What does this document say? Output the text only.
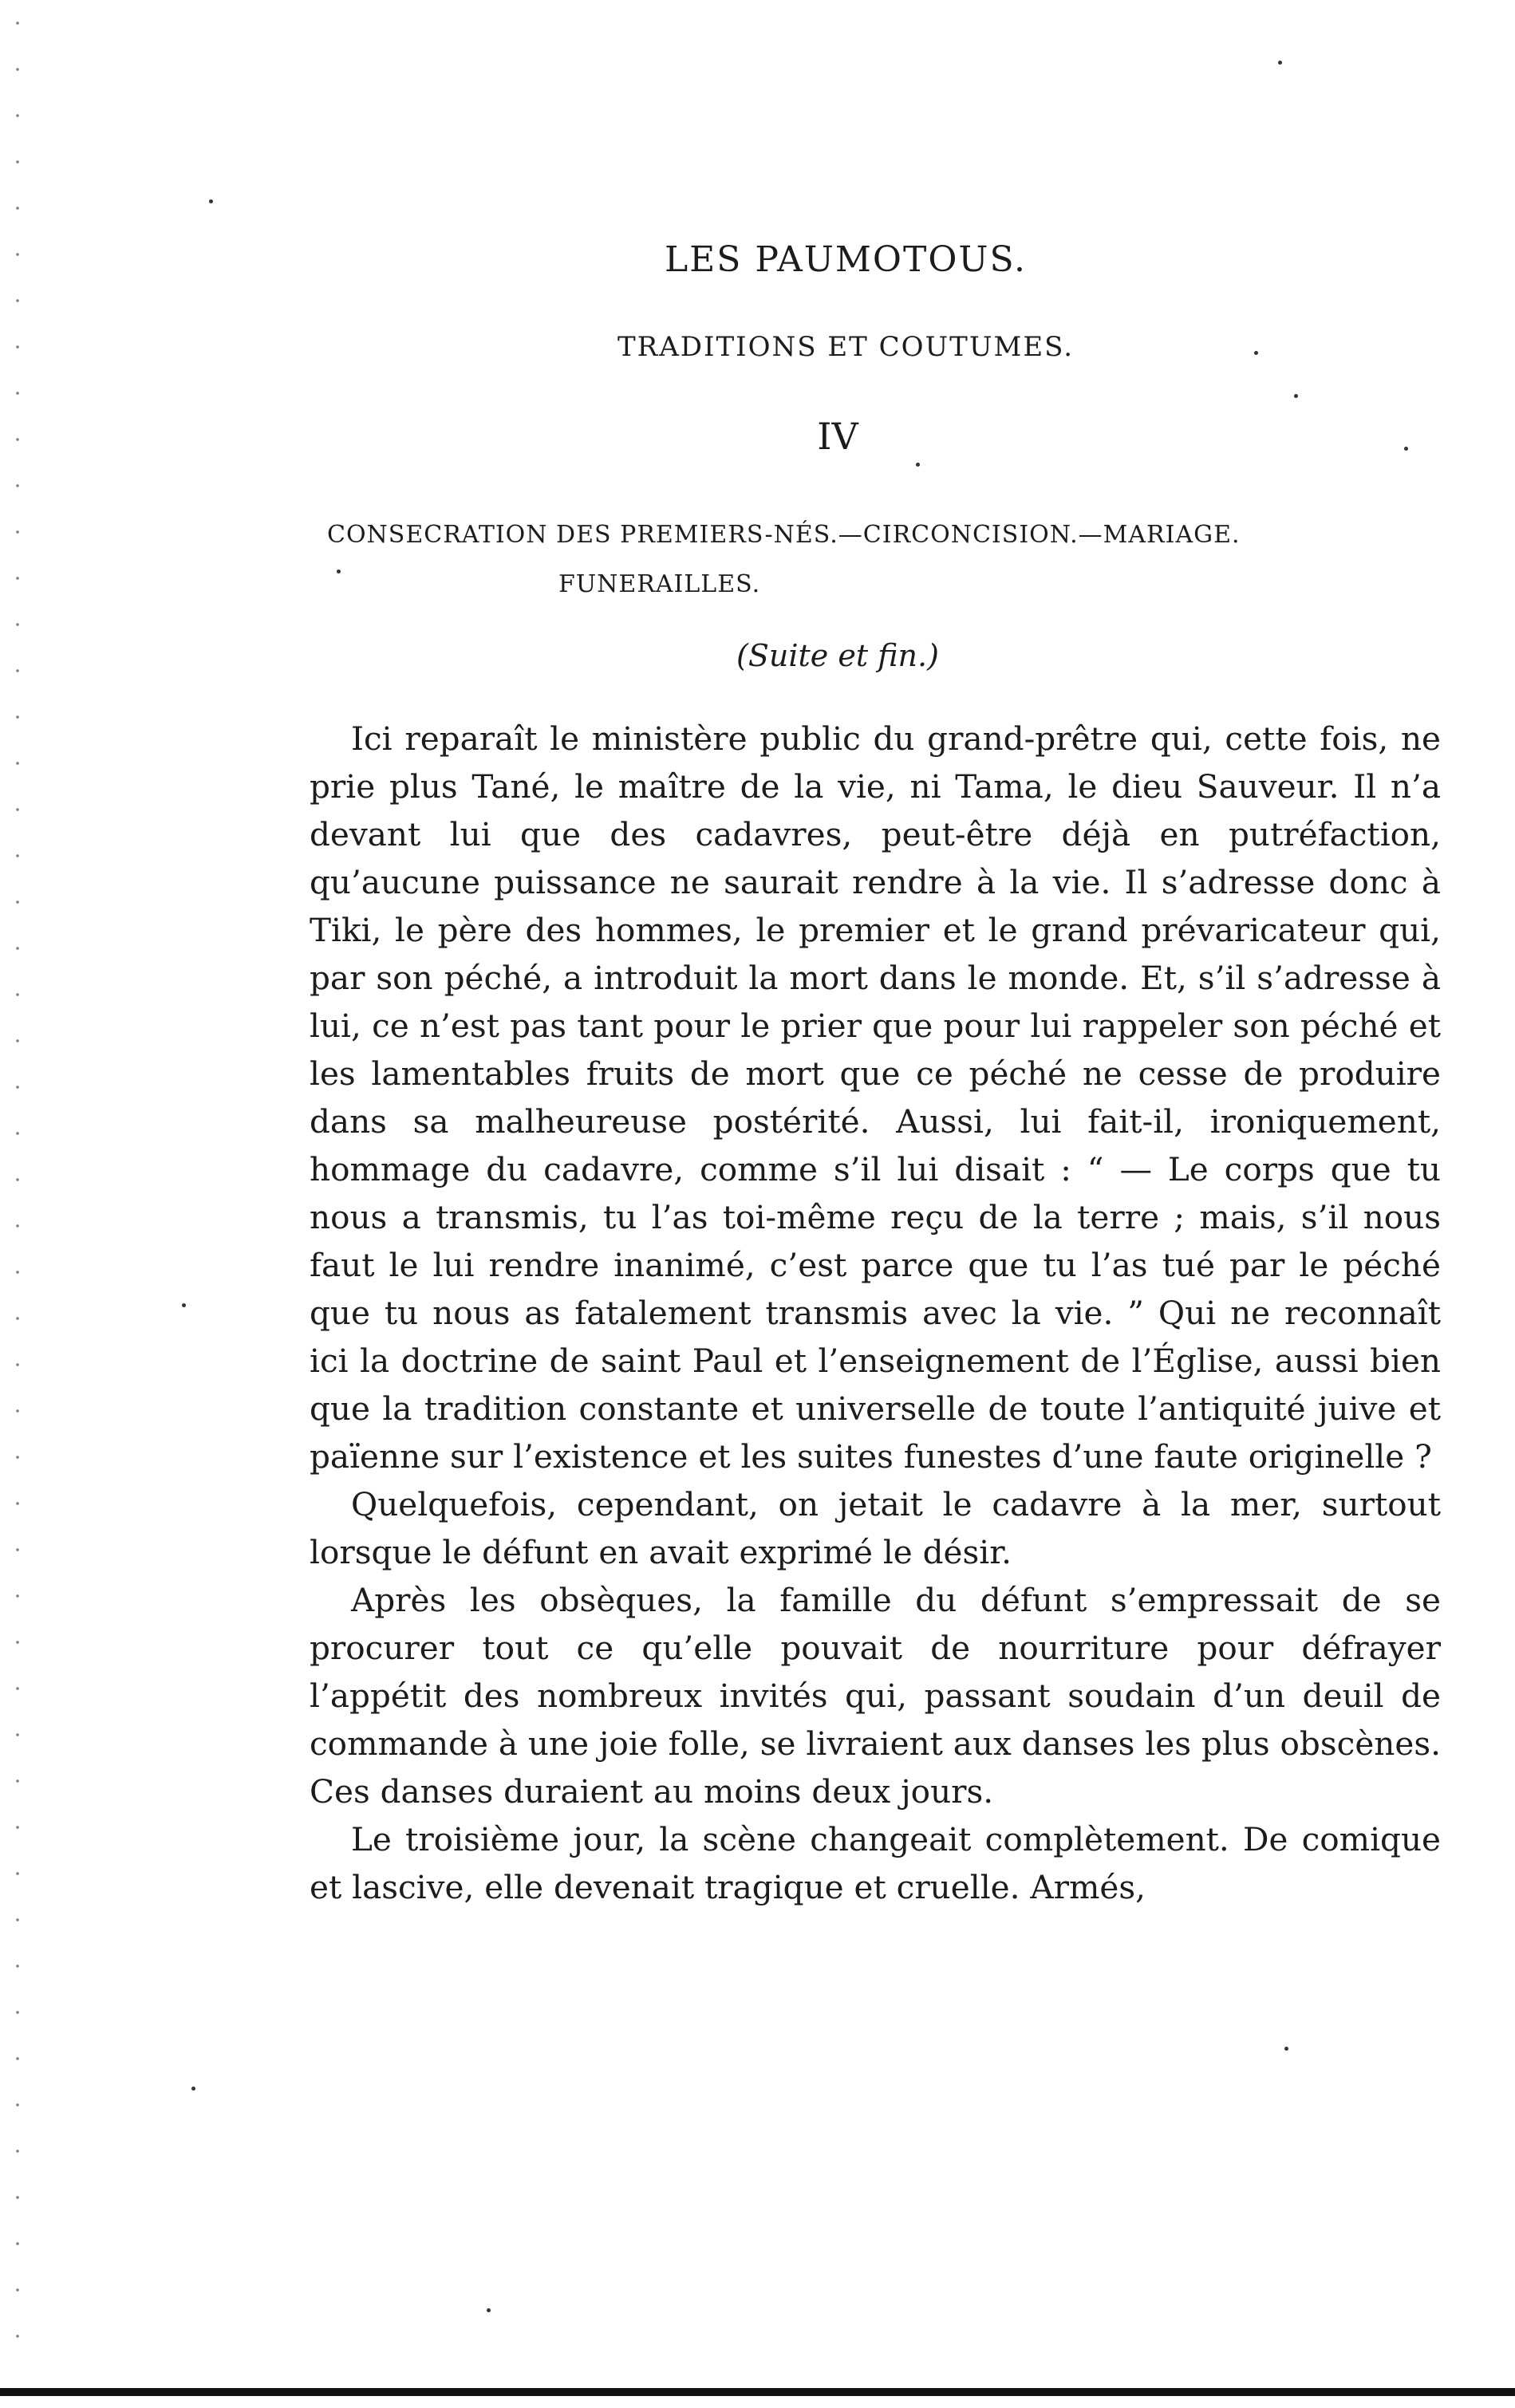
LES PAUMOTOUS.
TRADITIONS ET COUTUMES.
IV
CONSECRATION DES PREMIERS-NÉS.—CIRCONCISION.—MARIAGE.
FUNERAILLES.
(Suite et fin.)

Ici reparaît le ministère public du grand-prêtre qui, cette fois, ne prie plus Tané, le maître de la vie, ni Tama, le dieu Sauveur. Il n’a devant lui que des cadavres, peut-être déjà en putréfaction, qu’aucune puissance ne saurait rendre à la vie. Il s’adresse donc à Tiki, le père des hommes, le premier et le grand prévaricateur qui, par son péché, a introduit la mort dans le monde. Et, s’il s’adresse à lui, ce n’est pas tant pour le prier que pour lui rappeler son péché et les lamentables fruits de mort que ce péché ne cesse de produire dans sa malheureuse postérité. Aussi, lui fait-il, ironiquement, hommage du cadavre, comme s’il lui disait : “ — Le corps que tu nous a transmis, tu l’as toi-même reçu de la terre ; mais, s’il nous faut le lui rendre inanimé, c’est parce que tu l’as tué par le péché que tu nous as fatalement transmis avec la vie. ” Qui ne reconnaît ici la doctrine de saint Paul et l’enseignement de l’Église, aussi bien que la tradition constante et universelle de toute l’antiquité juive et païenne sur l’existence et les suites funestes d’une faute originelle ?

Quelquefois, cependant, on jetait le cadavre à la mer, surtout lorsque le défunt en avait exprimé le désir.

Après les obsèques, la famille du défunt s’empressait de se procurer tout ce qu’elle pouvait de nourriture pour défrayer l’appétit des nombreux invités qui, passant soudain d’un deuil de commande à une joie folle, se livraient aux danses les plus obscènes. Ces danses duraient au moins deux jours.

Le troisième jour, la scène changeait complètement. De comique et lascive, elle devenait tragique et cruelle. Armés,
